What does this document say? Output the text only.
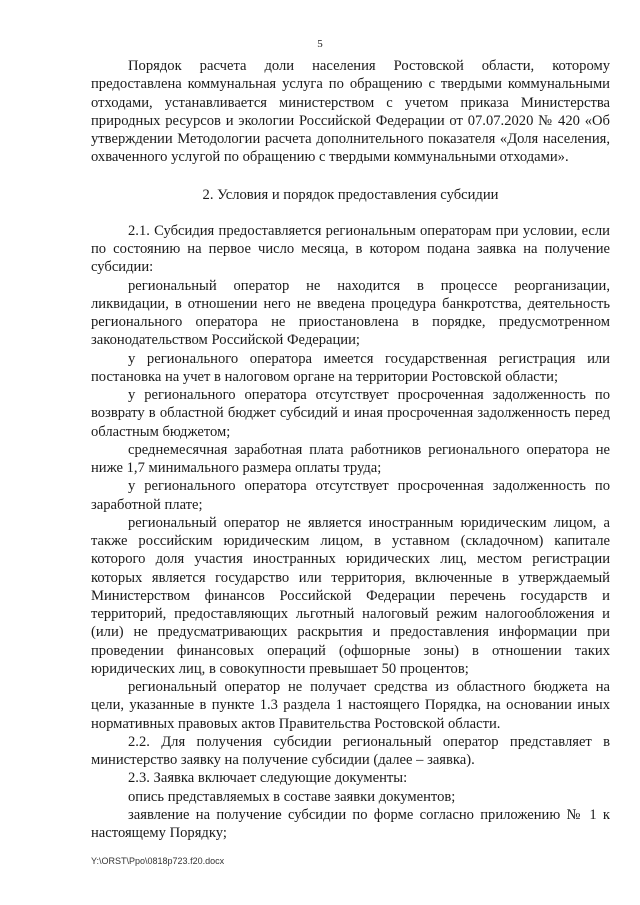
5

Порядок расчета доли населения Ростовской области, которому предоставлена коммунальная услуга по обращению с твердыми коммунальными отходами, устанавливается министерством с учетом приказа Министерства природных ресурсов и экологии Российской Федерации от 07.07.2020 № 420 «Об утверждении Методологии расчета дополнительного показателя «Доля населения, охваченного услугой по обращению с твердыми коммунальными отходами».

2. Условия и порядок предоставления субсидии

2.1. Субсидия предоставляется региональным операторам при условии, если по состоянию на первое число месяца, в котором подана заявка на получение субсидии:

региональный оператор не находится в процессе реорганизации, ликвидации, в отношении него не введена процедура банкротства, деятельность регионального оператора не приостановлена в порядке, предусмотренном законодательством Российской Федерации;

у регионального оператора имеется государственная регистрация или постановка на учет в налоговом органе на территории Ростовской области;

у регионального оператора отсутствует просроченная задолженность по возврату в областной бюджет субсидий и иная просроченная задолженность перед областным бюджетом;

среднемесячная заработная плата работников регионального оператора не ниже 1,7 минимального размера оплаты труда;

у регионального оператора отсутствует просроченная задолженность по заработной плате;

региональный оператор не является иностранным юридическим лицом, а также российским юридическим лицом, в уставном (складочном) капитале которого доля участия иностранных юридических лиц, местом регистрации которых является государство или территория, включенные в утверждаемый Министерством финансов Российской Федерации перечень государств и территорий, предоставляющих льготный налоговый режим налогообложения и (или) не предусматривающих раскрытия и предоставления информации при проведении финансовых операций (офшорные зоны) в отношении таких юридических лиц, в совокупности превышает 50 процентов;

региональный оператор не получает средства из областного бюджета на цели, указанные в пункте 1.3 раздела 1 настоящего Порядка, на основании иных нормативных правовых актов Правительства Ростовской области.

2.2. Для получения субсидии региональный оператор представляет в министерство заявку на получение субсидии (далее – заявка).

2.3. Заявка включает следующие документы:

опись представляемых в составе заявки документов;

заявление на получение субсидии по форме согласно приложению № 1 к настоящему Порядку;

Y:\ORST\Ppo\0818p723.f20.docx
